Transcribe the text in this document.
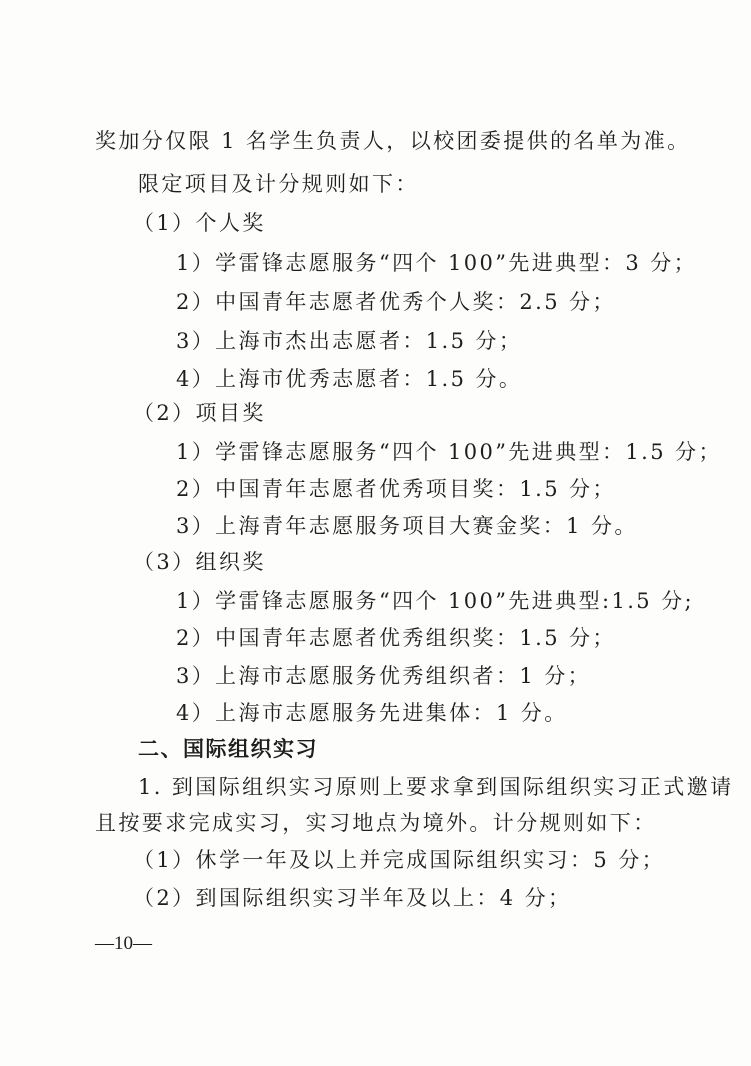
奖加分仅限 1 名学生负责人，以校团委提供的名单为准。
限定项目及计分规则如下：
（1）个人奖
1）学雷锋志愿服务“四个 100”先进典型：3 分；
2）中国青年志愿者优秀个人奖：2.5 分；
3）上海市杰出志愿者：1.5 分；
4）上海市优秀志愿者：1.5 分。
（2）项目奖
1）学雷锋志愿服务“四个 100”先进典型：1.5 分；
2）中国青年志愿者优秀项目奖：1.5 分；
3）上海青年志愿服务项目大赛金奖：1 分。
（3）组织奖
1）学雷锋志愿服务“四个 100”先进典型:1.5 分;
2）中国青年志愿者优秀组织奖：1.5 分；
3）上海市志愿服务优秀组织者：1 分；
4）上海市志愿服务先进集体：1 分。
二、国际组织实习
1. 到国际组织实习原则上要求拿到国际组织实习正式邀请
且按要求完成实习，实习地点为境外。计分规则如下：
（1）休学一年及以上并完成国际组织实习：5 分；
（2）到国际组织实习半年及以上：4 分；
—10—
